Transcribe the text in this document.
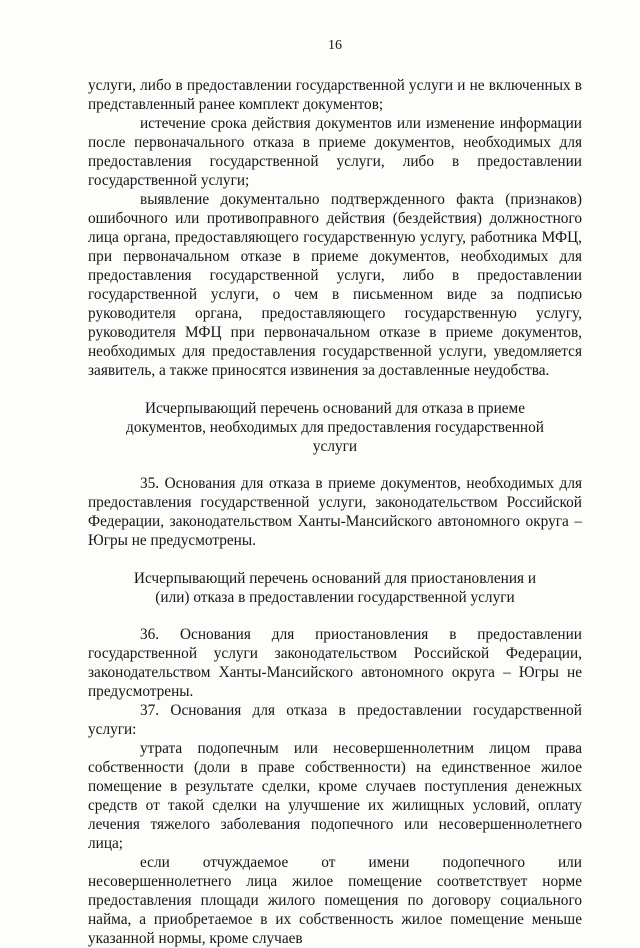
16

услуги, либо в предоставлении государственной услуги и не включенных в представленный ранее комплект документов;

истечение срока действия документов или изменение информации после первоначального отказа в приеме документов, необходимых для предоставления государственной услуги, либо в предоставлении государственной услуги;

выявление документально подтвержденного факта (признаков) ошибочного или противоправного действия (бездействия) должностного лица органа, предоставляющего государственную услугу, работника МФЦ, при первоначальном отказе в приеме документов, необходимых для предоставления государственной услуги, либо в предоставлении государственной услуги, о чем в письменном виде за подписью руководителя органа, предоставляющего государственную услугу, руководителя МФЦ при первоначальном отказе в приеме документов, необходимых для предоставления государственной услуги, уведомляется заявитель, а также приносятся извинения за доставленные неудобства.

Исчерпывающий перечень оснований для отказа в приеме документов, необходимых для предоставления государственной услуги

35. Основания для отказа в приеме документов, необходимых для предоставления государственной услуги, законодательством Российской Федерации, законодательством Ханты-Мансийского автономного округа – Югры не предусмотрены.

Исчерпывающий перечень оснований для приостановления и (или) отказа в предоставлении государственной услуги

36. Основания для приостановления в предоставлении государственной услуги законодательством Российской Федерации, законодательством Ханты-Мансийского автономного округа – Югры не предусмотрены.

37. Основания для отказа в предоставлении государственной услуги:

утрата подопечным или несовершеннолетним лицом права собственности (доли в праве собственности) на единственное жилое помещение в результате сделки, кроме случаев поступления денежных средств от такой сделки на улучшение их жилищных условий, оплату лечения тяжелого заболевания подопечного или несовершеннолетнего лица;

если отчуждаемое от имени подопечного или несовершеннолетнего лица жилое помещение соответствует норме предоставления площади жилого помещения по договору социального найма, а приобретаемое в их собственность жилое помещение меньше указанной нормы, кроме случаев
